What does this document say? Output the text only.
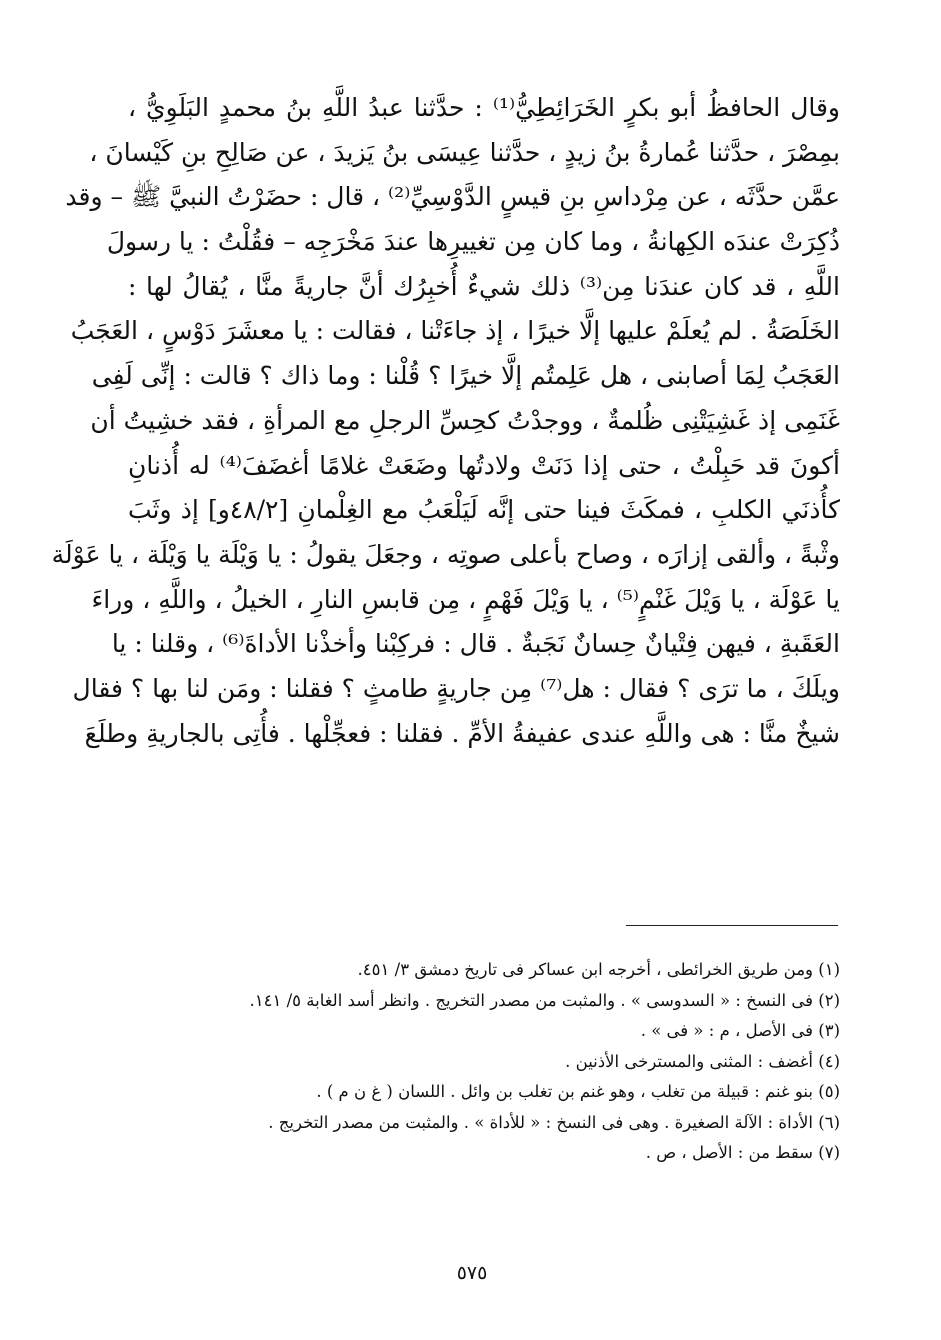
وقال الحافظُ أبو بكرٍ الخَرَائِطِيُّ⁽¹⁾ : حدَّثنا عبدُ اللَّهِ بنُ محمدٍ البَلَوِيُّ ،
بمِصْرَ ، حدَّثنا عُمارةُ بنُ زيدٍ ، حدَّثنا عِيسَى بنُ يَزيدَ ، عن صَالِحِ بنِ كَيْسانَ ،
عمَّن حدَّثَه ، عن مِرْداسِ بنِ قيسٍ الدَّوْسِيِّ⁽²⁾ ، قال : حضَرْتُ النبيَّ ﷺ – وقد
ذُكِرَتْ عندَه الكِهانةُ ، وما كان مِن تغييرِها عندَ مَخْرَجِه – فقُلْتُ : يا رسولَ
اللَّهِ ، قد كان عندَنا مِن⁽³⁾ ذلك شيءٌ أُخبِرُك أنَّ جاريةً منَّا ، يُقالُ لها :
الخَلَصَةُ . لم يُعلَمْ عليها إلَّا خيرًا ، إذ جاءَتْنا ، فقالت : يا معشَرَ دَوْسٍ ، العَجَبُ
العَجَبُ لِمَا أصابنى ، هل عَلِمتُم إلَّا خيرًا ؟ قُلْنا : وما ذاك ؟ قالت : إنِّى لَفِى
غَنَمِى إذ غَشِيَتْنِى ظُلمةٌ ، ووجدْتُ كحِسِّ الرجلِ مع المرأةِ ، فقد خشِيتُ أن
أكونَ قد حَبِلْتُ ، حتى إذا دَنَتْ ولادتُها وضَعَتْ غلامًا أغضَفَ⁽⁴⁾ له أُذنانِ
كأُذنَي الكلبِ ، فمكَثَ فينا حتى إنَّه لَيَلْعَبُ مع الغِلْمانِ [٤٨/٢و] إذ وثَبَ
وثْبةً ، وألقى إزارَه ، وصاح بأعلى صوتِه ، وجعَلَ يقولُ : يا وَيْلَة يا وَيْلَة ، يا عَوْلَة
يا عَوْلَة ، يا وَيْلَ غَنْمٍ⁽⁵⁾ ، يا وَيْلَ فَهْمٍ ، مِن قابسِ النارِ ، الخيلُ ، واللَّهِ ، وراءَ
العَقَبةِ ، فيهن فِتْيانٌ حِسانٌ نَجَبةٌ . قال : فركِبْنا وأخذْنا الأداةَ⁽⁶⁾ ، وقلنا : يا
ويلَكَ ، ما ترَى ؟ فقال : هل⁽⁷⁾ مِن جاريةٍ طامثٍ ؟ فقلنا : ومَن لنا بها ؟ فقال
شيخٌ منَّا : هى واللَّهِ عندى عفيفةُ الأمِّ . فقلنا : فعجِّلْها . فأُتِى بالجاريةِ وطلَعَ
(١) ومن طريق الخرائطى ، أخرجه ابن عساكر فى تاريخ دمشق ٣/ ٤٥١.
(٢) فى النسخ : « السدوسى » . والمثبت من مصدر التخريج . وانظر أسد الغابة ٥/ ١٤١.
(٣) فى الأصل ، م : « فى » .
(٤) أغضف : المثنى والمسترخى الأذنين .
(٥) بنو غنم : قبيلة من تغلب ، وهو غنم بن تغلب بن وائل . اللسان ( غ ن م ) .
(٦) الأداة : الآلة الصغيرة . وهى فى النسخ : « للأداة » . والمثبت من مصدر التخريج .
(٧) سقط من : الأصل ، ص .
٥٧٥
